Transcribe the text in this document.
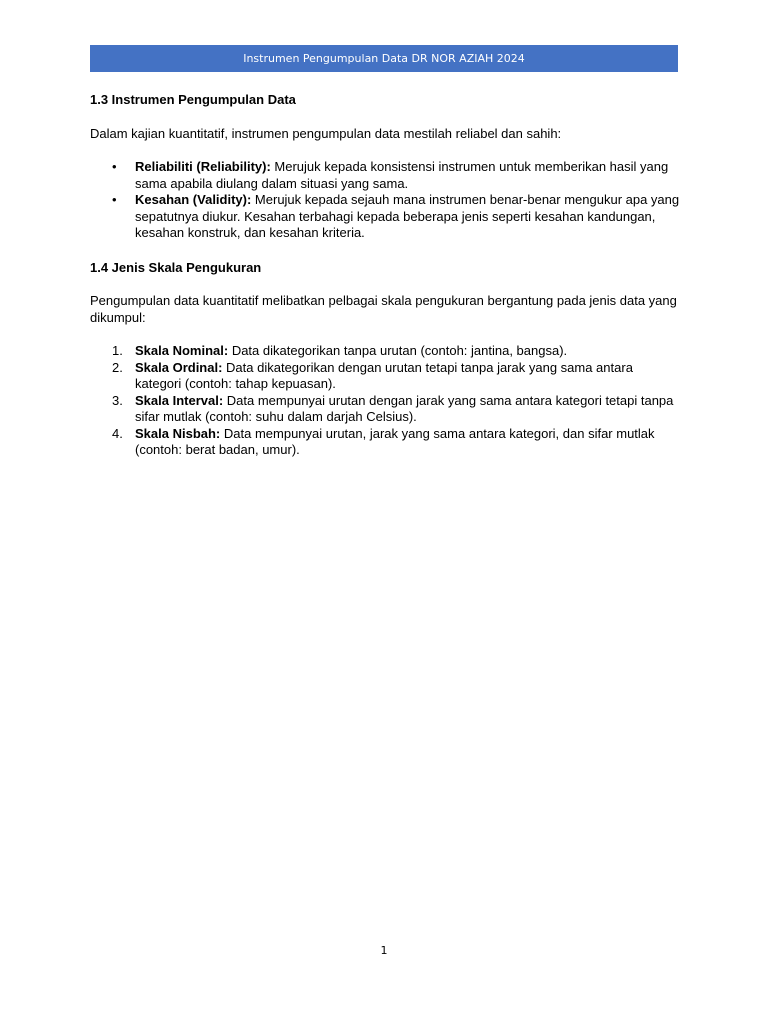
Instrumen Pengumpulan Data DR NOR AZIAH 2024
1.3 Instrumen Pengumpulan Data
Dalam kajian kuantitatif, instrumen pengumpulan data mestilah reliabel dan sahih:
• Reliabiliti (Reliability): Merujuk kepada konsistensi instrumen untuk memberikan hasil yang sama apabila diulang dalam situasi yang sama.
• Kesahan (Validity): Merujuk kepada sejauh mana instrumen benar-benar mengukur apa yang sepatutnya diukur. Kesahan terbahagi kepada beberapa jenis seperti kesahan kandungan, kesahan konstruk, dan kesahan kriteria.
1.4 Jenis Skala Pengukuran
Pengumpulan data kuantitatif melibatkan pelbagai skala pengukuran bergantung pada jenis data yang dikumpul:
1. Skala Nominal: Data dikategorikan tanpa urutan (contoh: jantina, bangsa).
2. Skala Ordinal: Data dikategorikan dengan urutan tetapi tanpa jarak yang sama antara kategori (contoh: tahap kepuasan).
3. Skala Interval: Data mempunyai urutan dengan jarak yang sama antara kategori tetapi tanpa sifar mutlak (contoh: suhu dalam darjah Celsius).
4. Skala Nisbah: Data mempunyai urutan, jarak yang sama antara kategori, dan sifar mutlak (contoh: berat badan, umur).
1
